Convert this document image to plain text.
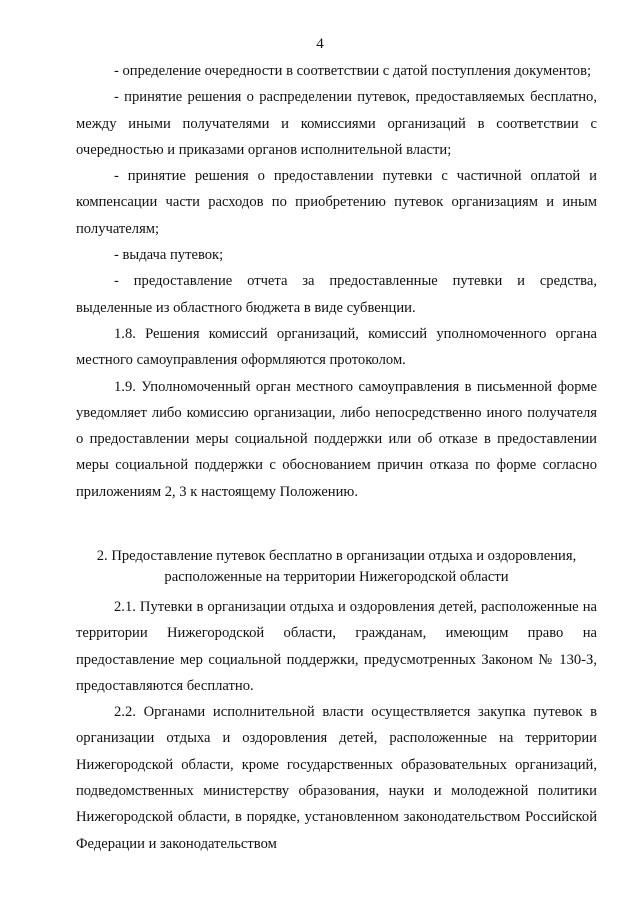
4

- определение очередности в соответствии с датой поступления документов;

- принятие решения о распределении путевок, предоставляемых бесплатно, между иными получателями и комиссиями организаций в соответствии с очередностью и приказами органов исполнительной власти;

- принятие решения о предоставлении путевки с частичной оплатой и компенсации части расходов по приобретению путевок организациям и иным получателям;

- выдача путевок;

- предоставление отчета за предоставленные путевки и средства, выделенные из областного бюджета в виде субвенции.

1.8. Решения комиссий организаций, комиссий уполномоченного органа местного самоуправления оформляются протоколом.

1.9. Уполномоченный орган местного самоуправления в письменной форме уведомляет либо комиссию организации, либо непосредственно иного получателя о предоставлении меры социальной поддержки или об отказе в предоставлении меры социальной поддержки с обоснованием причин отказа по форме согласно приложениям 2, 3 к настоящему Положению.

2. Предоставление путевок бесплатно в организации отдыха и оздоровления,

расположенные на территории Нижегородской области

2.1. Путевки в организации отдыха и оздоровления детей, расположенные на территории Нижегородской области, гражданам, имеющим право на предоставление мер социальной поддержки, предусмотренных Законом № 130-З, предоставляются бесплатно.

2.2. Органами исполнительной власти осуществляется закупка путевок в организации отдыха и оздоровления детей, расположенные на территории Нижегородской области, кроме государственных образовательных организаций, подведомственных министерству образования, науки и молодежной политики Нижегородской области, в порядке, установленном законодательством Российской Федерации и законодательством
